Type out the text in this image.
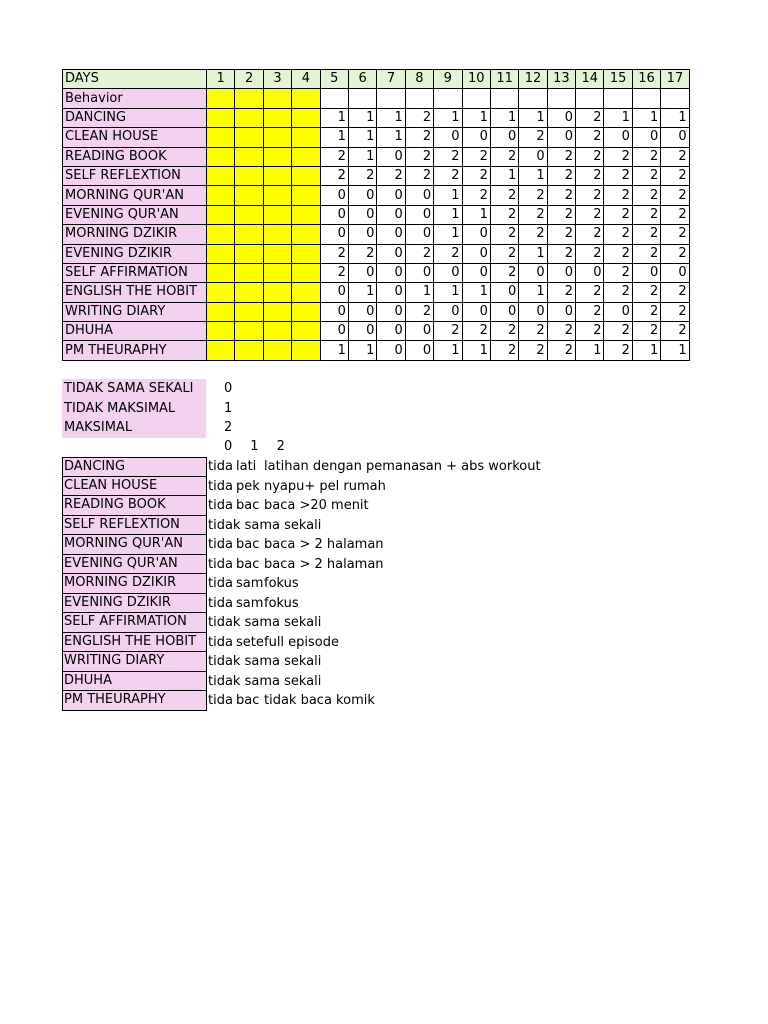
DAYS	1	2	3	4	5	6	7	8	9	10	11	12	13	14	15	16	17
Behavior																	
DANCING					1	1	1	2	1	1	1	1	0	2	1	1	1
CLEAN HOUSE					1	1	1	2	0	0	0	2	0	2	0	0	0
READING BOOK					2	1	0	2	2	2	2	0	2	2	2	2	2
SELF REFLEXTION					2	2	2	2	2	2	1	1	2	2	2	2	2
MORNING QUR'AN					0	0	0	0	1	2	2	2	2	2	2	2	2
EVENING QUR'AN					0	0	0	0	1	1	2	2	2	2	2	2	2
MORNING DZIKIR					0	0	0	0	1	0	2	2	2	2	2	2	2
EVENING DZIKIR					2	2	0	2	2	0	2	1	2	2	2	2	2
SELF AFFIRMATION					2	0	0	0	0	0	2	0	0	0	2	0	0
ENGLISH THE HOBIT					0	1	0	1	1	1	0	1	2	2	2	2	2
WRITING DIARY					0	0	0	2	0	0	0	0	0	2	0	2	2
DHUHA					0	0	0	0	2	2	2	2	2	2	2	2	2
PM THEURAPHY					1	1	0	0	1	1	2	2	2	1	2	1	1
TIDAK SAMA SEKALI	0
TIDAK MAKSIMAL	1
MAKSIMAL	2
0 1 2
DANCING	tida lati latihan dengan pemanasan + abs workout
CLEAN HOUSE	tida pek nyapu+ pel rumah
READING BOOK	tida bac baca >20 menit
SELF REFLEXTION	tidak sama sekali
MORNING QUR'AN	tida bac baca > 2 halaman
EVENING QUR'AN	tida bac baca > 2 halaman
MORNING DZIKIR	tida sam fokus
EVENING DZIKIR	tida sam fokus
SELF AFFIRMATION	tidak sama sekali
ENGLISH THE HOBIT tida sete full episode
WRITING DIARY	tidak sama sekali
DHUHA	tidak sama sekali
PM THEURAPHY	tida bac tidak baca komik
